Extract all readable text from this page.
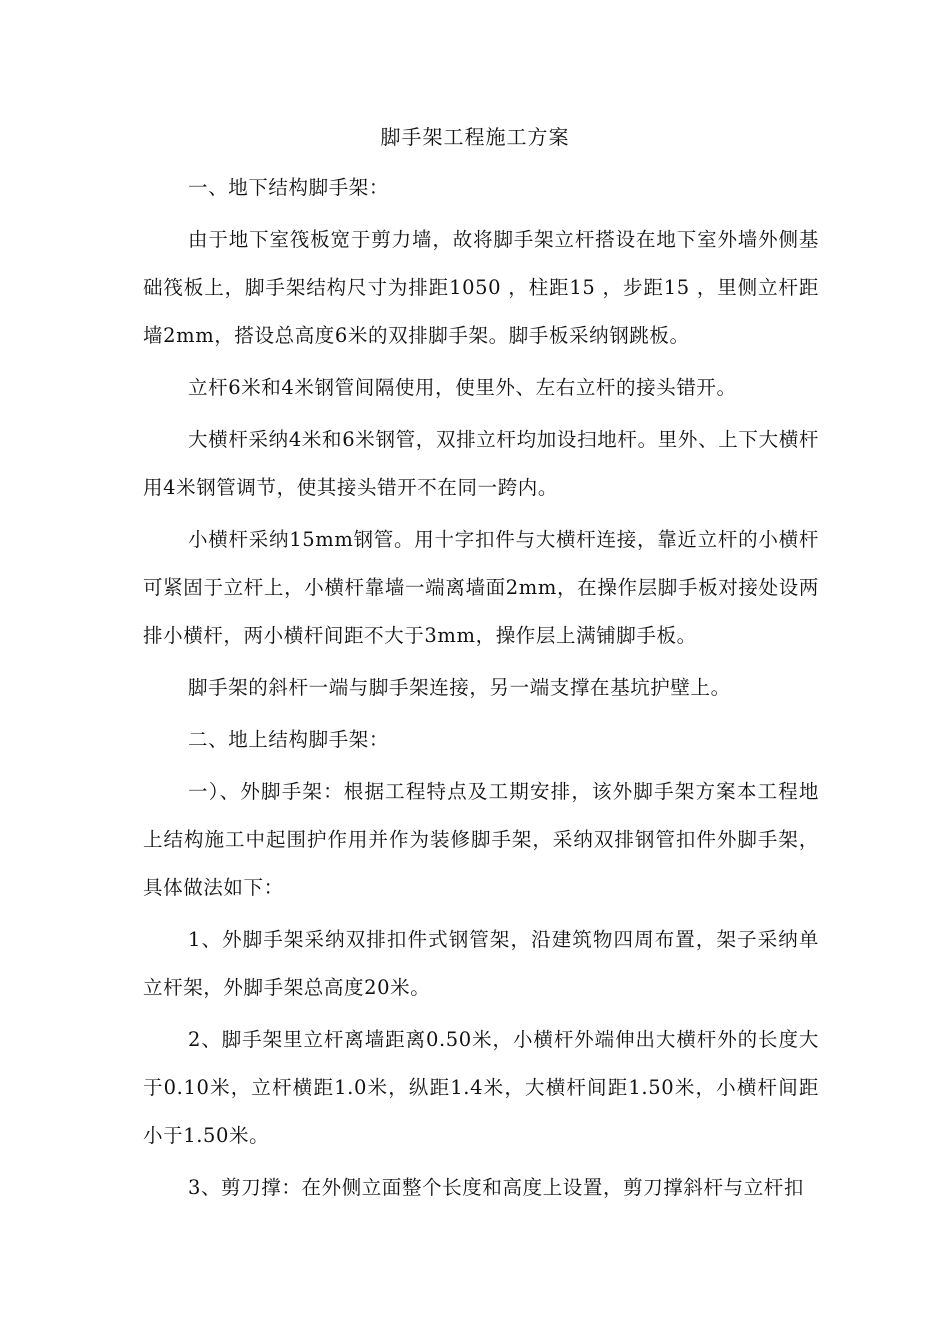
脚手架工程施工方案

一、地下结构脚手架：

由于地下室筏板宽于剪力墙，故将脚手架立杆搭设在地下室外墙外侧基础筏板上，脚手架结构尺寸为排距1050 ，柱距15 ，步距15 ，里侧立杆距墙2mm，搭设总高度6米的双排脚手架。脚手板采纳钢跳板。

立杆6米和4米钢管间隔使用，使里外、左右立杆的接头错开。

大横杆采纳4米和6米钢管，双排立杆均加设扫地杆。里外、上下大横杆用4米钢管调节，使其接头错开不在同一跨内。

小横杆采纳15mm钢管。用十字扣件与大横杆连接，靠近立杆的小横杆可紧固于立杆上，小横杆靠墙一端离墙面2mm，在操作层脚手板对接处设两排小横杆，两小横杆间距不大于3mm，操作层上满铺脚手板。

脚手架的斜杆一端与脚手架连接，另一端支撑在基坑护壁上。

二、地上结构脚手架：

一）、外脚手架：根据工程特点及工期安排，该外脚手架方案本工程地上结构施工中起围护作用并作为装修脚手架，采纳双排钢管扣件外脚手架，具体做法如下：

1、外脚手架采纳双排扣件式钢管架，沿建筑物四周布置，架子采纳单立杆架，外脚手架总高度20米。

2、脚手架里立杆离墙距离0.50米，小横杆外端伸出大横杆外的长度大于0.10米，立杆横距1.0米，纵距1.4米，大横杆间距1.50米，小横杆间距小于1.50米。

3、剪刀撑：在外侧立面整个长度和高度上设置，剪刀撑斜杆与立杆扣
